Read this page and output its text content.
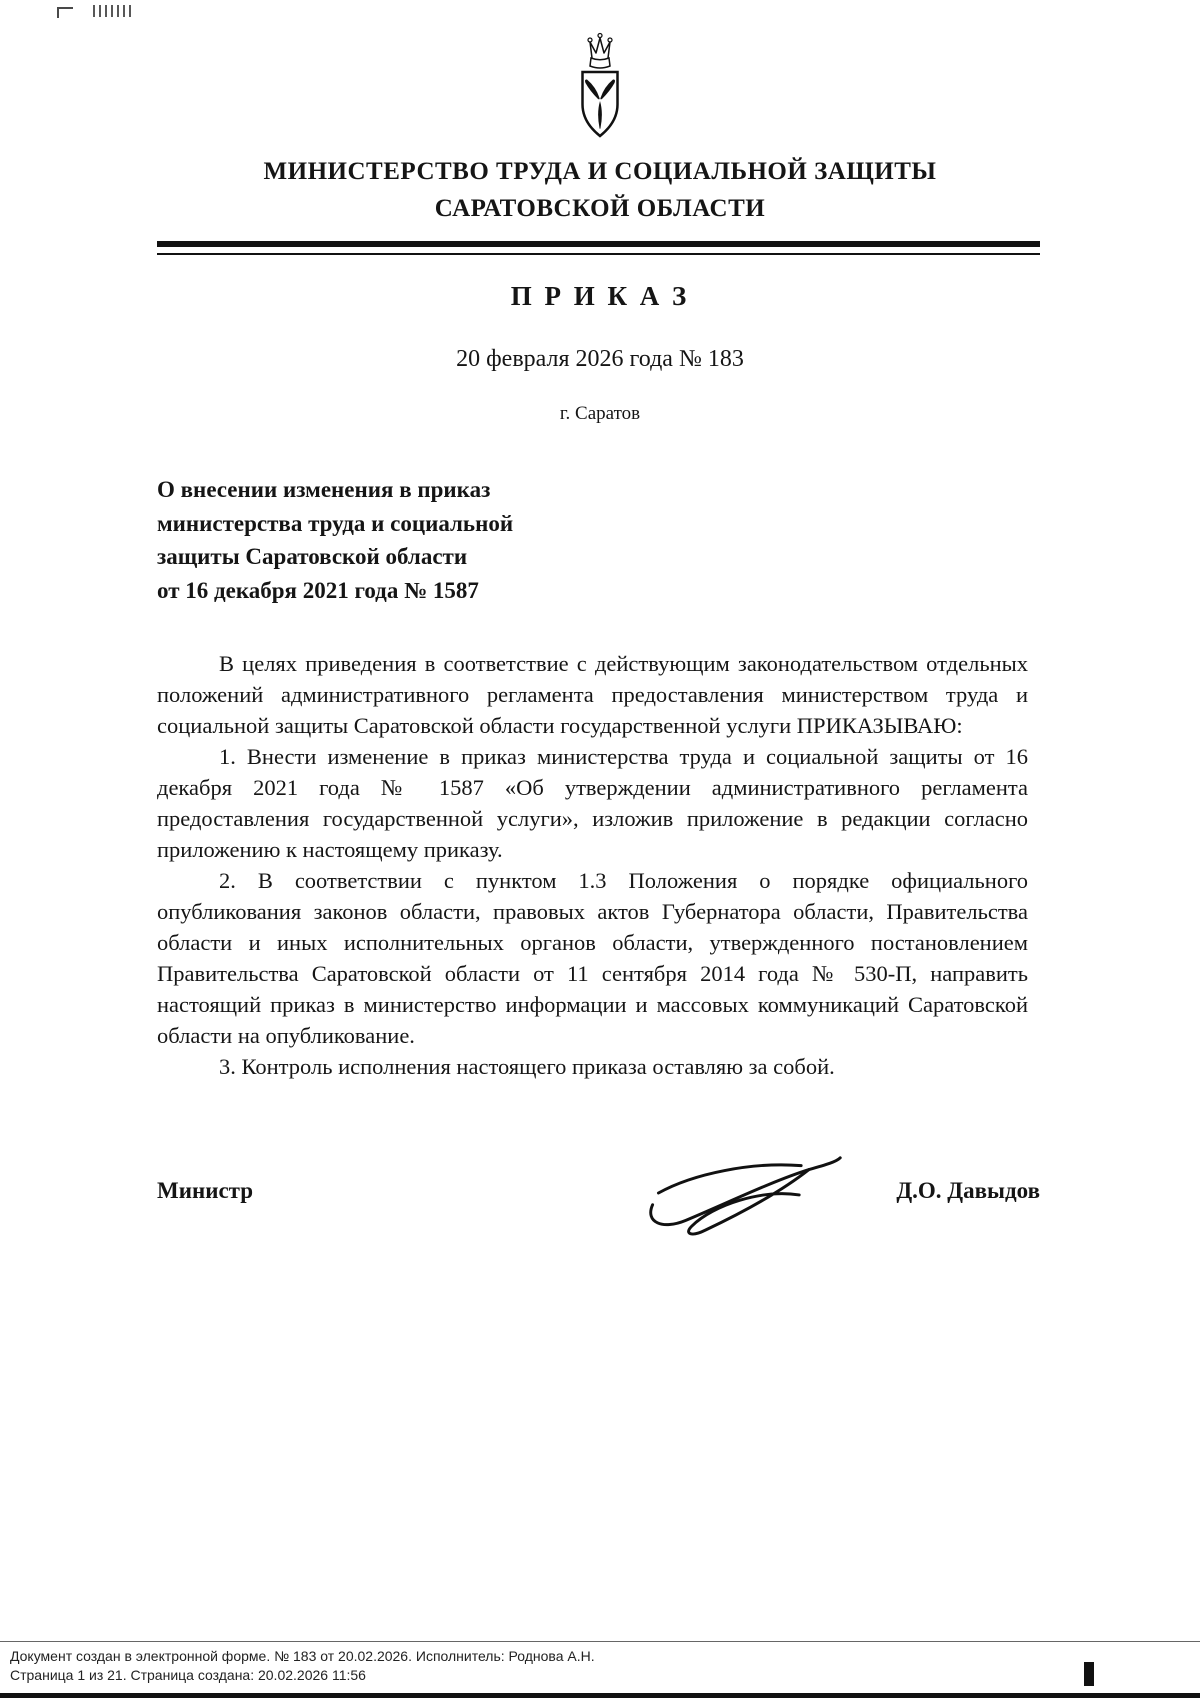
МИНИСТЕРСТВО ТРУДА И СОЦИАЛЬНОЙ ЗАЩИТЫ
САРАТОВСКОЙ ОБЛАСТИ
П Р И К А З
20 февраля 2026 года № 183
г. Саратов
О внесении изменения в приказ
министерства труда и социальной
защиты Саратовской области
от 16 декабря 2021 года № 1587

В целях приведения в соответствие с действующим законодательством отдельных положений административного регламента предоставления министерством труда и социальной защиты Саратовской области государственной услуги ПРИКАЗЫВАЮ:

1. Внести изменение в приказ министерства труда и социальной защиты от 16 декабря 2021 года № 1587 «Об утверждении административного регламента предоставления государственной услуги», изложив приложение в редакции согласно приложению к настоящему приказу.

2. В соответствии с пунктом 1.3 Положения о порядке официального опубликования законов области, правовых актов Губернатора области, Правительства области и иных исполнительных органов области, утвержденного постановлением Правительства Саратовской области от 11 сентября 2014 года № 530-П, направить настоящий приказ в министерство информации и массовых коммуникаций Саратовской области на опубликование.

3. Контроль исполнения настоящего приказа оставляю за собой.

Министр	Д.О. Давыдов
Документ создан в электронной форме. № 183 от 20.02.2026. Исполнитель: Роднова А.Н.
Страница 1 из 21. Страница создана: 20.02.2026 11:56
